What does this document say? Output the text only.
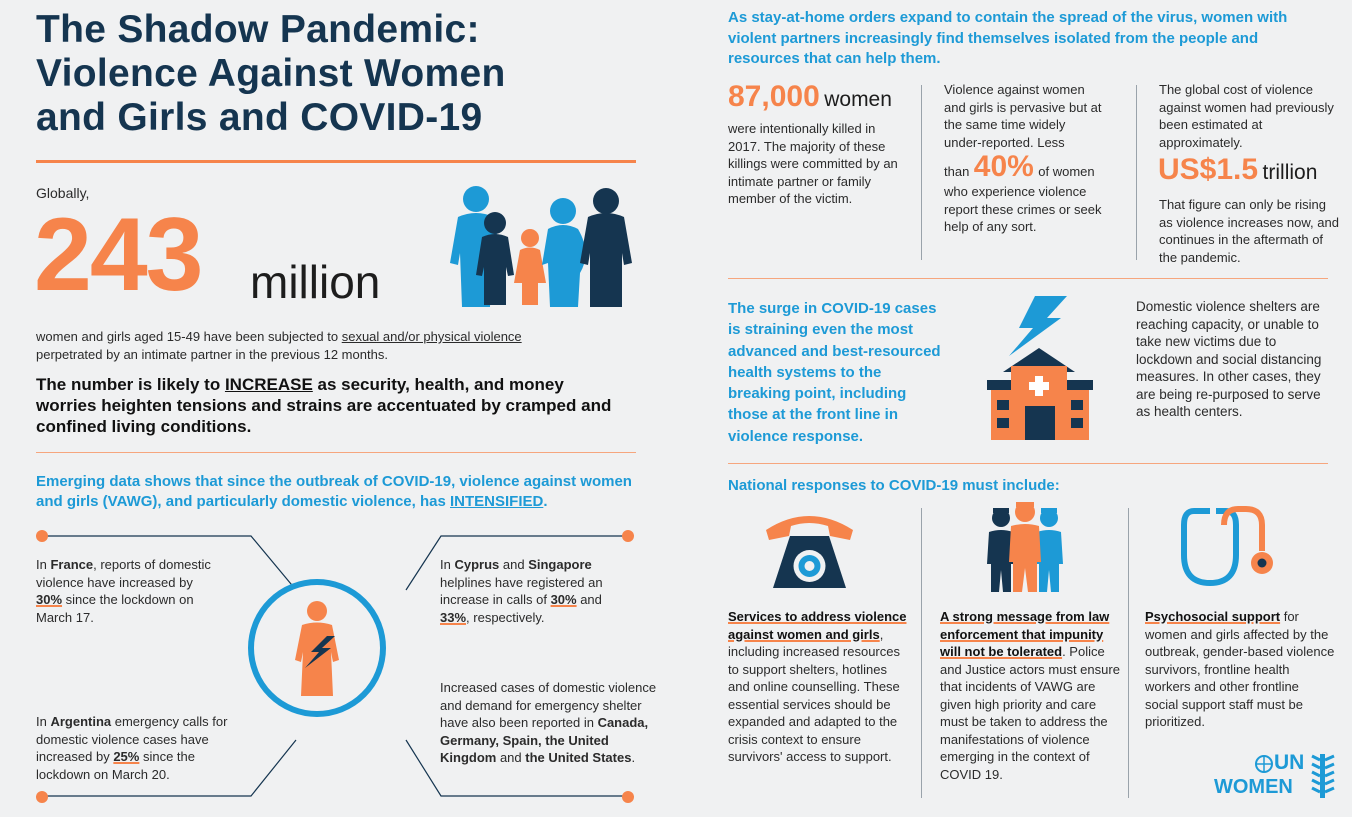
The Shadow Pandemic:
Violence Against Women
and Girls and COVID-19
Globally,
243 million
women and girls aged 15-49 have been subjected to sexual and/or physical violence
perpetrated by an intimate partner in the previous 12 months.
The number is likely to INCREASE as security, health, and money worries heighten tensions and strains are accentuated by cramped and confined living conditions.
Emerging data shows that since the outbreak of COVID-19, violence against women and girls (VAWG), and particularly domestic violence, has INTENSIFIED.
In France, reports of domestic violence have increased by 30% since the lockdown on March 17.
In Argentina emergency calls for domestic violence cases have increased by 25% since the lockdown on March 20.
In Cyprus and Singapore helplines have registered an increase in calls of 30% and 33%, respectively.
Increased cases of domestic violence and demand for emergency shelter have also been reported in Canada, Germany, Spain, the United Kingdom and the United States.
As stay-at-home orders expand to contain the spread of the virus, women with violent partners increasingly find themselves isolated from the people and resources that can help them.
87,000 women
were intentionally killed in 2017. The majority of these killings were committed by an intimate partner or family member of the victim.
Violence against women and girls is pervasive but at the same time widely under-reported. Less
than 40% of women
who experience violence report these crimes or seek help of any sort.
The global cost of violence against women had previously been estimated at approximately.
US$1.5 trillion
That figure can only be rising as violence increases now, and continues in the aftermath of the pandemic.
The surge in COVID-19 cases is straining even the most advanced and best-resourced health systems to the breaking point, including those at the front line in violence response.
Domestic violence shelters are reaching capacity, or unable to take new victims due to lockdown and social distancing measures. In other cases, they are being re-purposed to serve as health centers.
National responses to COVID-19 must include:
Services to address violence against women and girls, including increased resources to support shelters, hotlines and online counselling. These essential services should be expanded and adapted to the crisis context to ensure survivors' access to support.
A strong message from law enforcement that impunity will not be tolerated. Police and Justice actors must ensure that incidents of VAWG are given high priority and care must be taken to address the manifestations of violence emerging in the context of COVID 19.
Psychosocial support for women and girls affected by the outbreak, gender-based violence survivors, frontline health workers and other frontline social support staff must be prioritized.
UN
WOMEN
